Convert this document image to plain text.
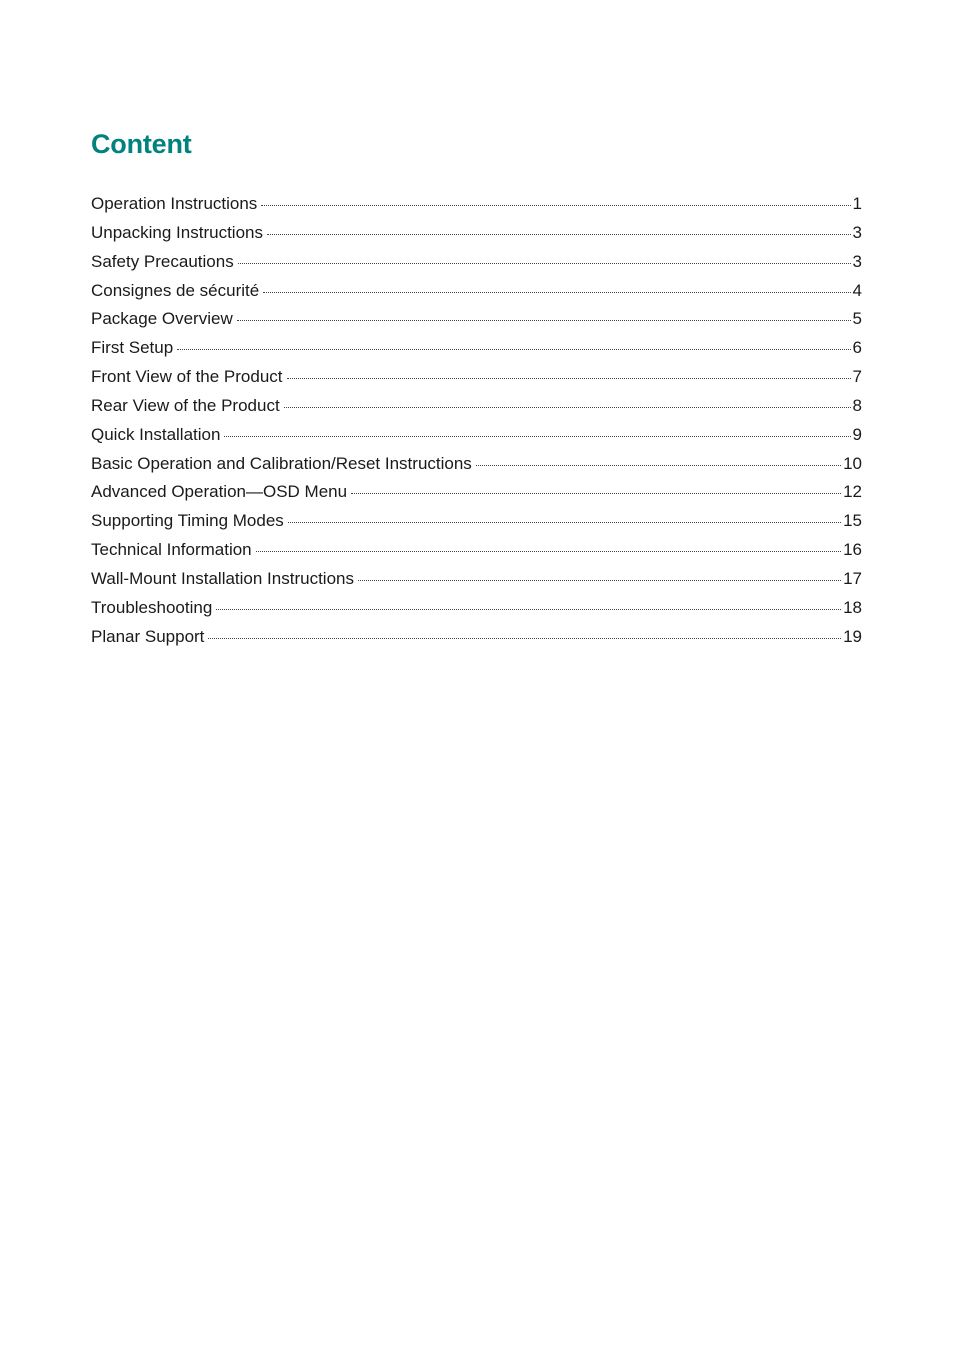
Content
Operation Instructions	1
Unpacking Instructions	3
Safety Precautions	3
Consignes de sécurité	4
Package Overview	5
First Setup	6
Front View of the Product	7
Rear View of the Product	8
Quick Installation	9
Basic Operation and Calibration/Reset Instructions	10
Advanced Operation—OSD Menu	12
Supporting Timing Modes	15
Technical Information	16
Wall-Mount Installation Instructions	17
Troubleshooting	18
Planar Support	19
